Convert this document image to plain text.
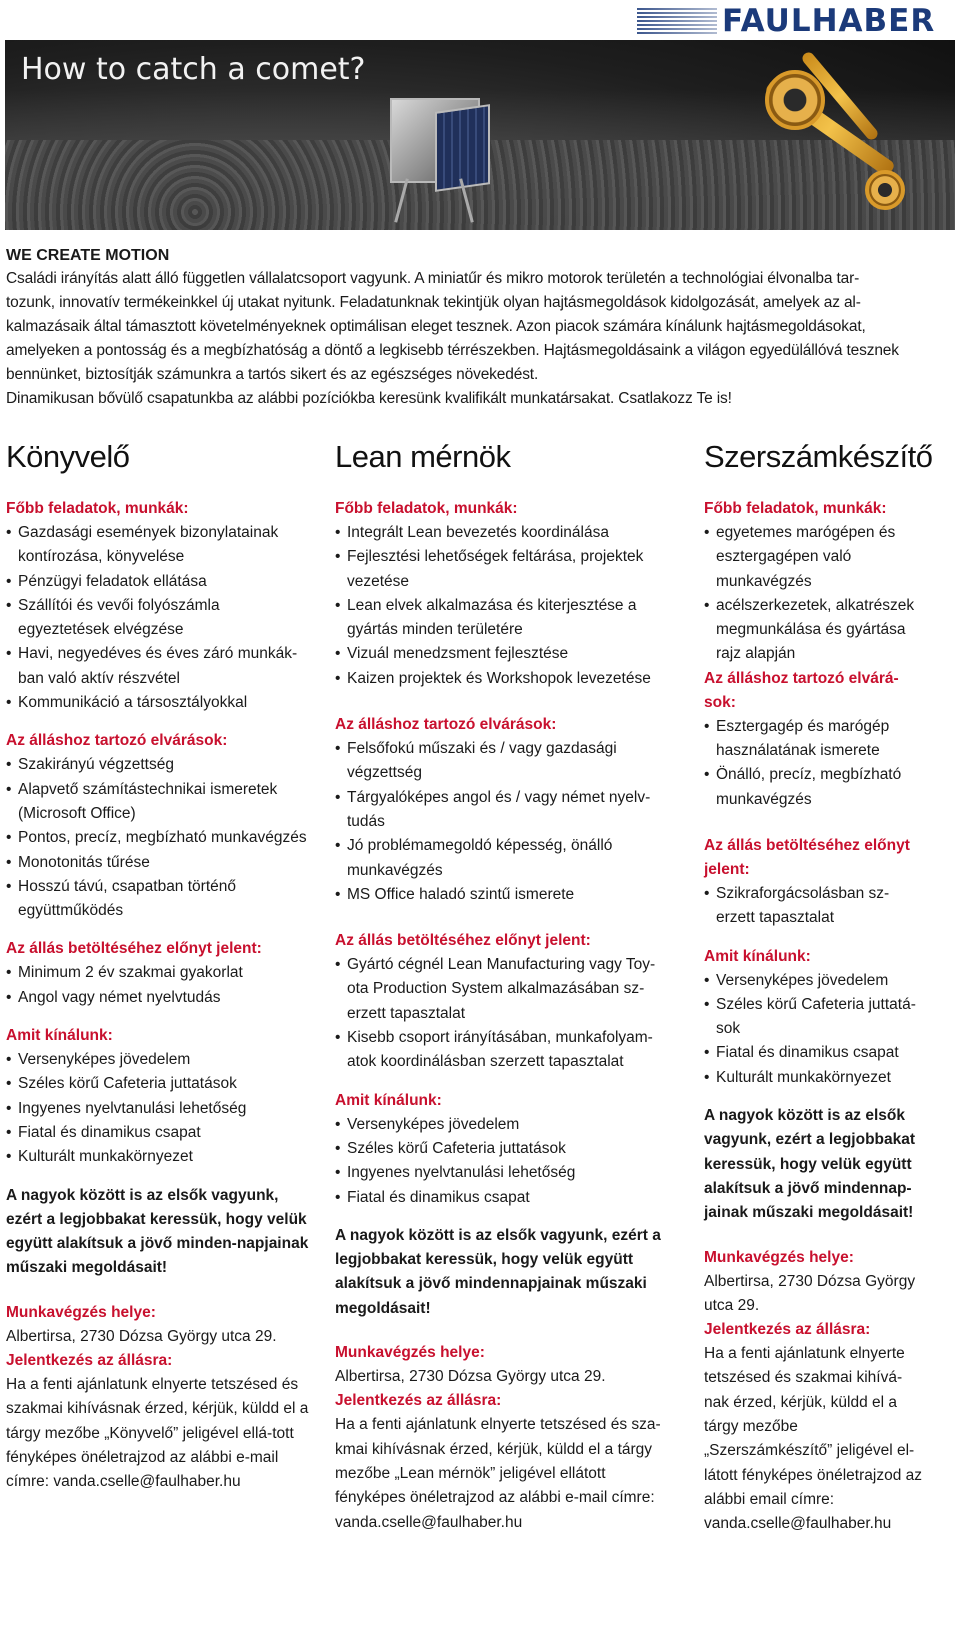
FAULHABER
How to catch a comet?
WE CREATE MOTION
Családi irányítás alatt álló független vállalatcsoport vagyunk. A miniatűr és mikro motorok területén a technológiai élvonalba tar-
tozunk, innovatív termékeinkkel új utakat nyitunk. Feladatunknak tekintjük olyan hajtásmegoldások kidolgozását, amelyek az al-
kalmazásaik által támasztott követelményeknek optimálisan eleget tesznek. Azon piacok számára kínálunk hajtásmegoldásokat,
amelyeken a pontosság és a megbízhatóság a döntő a legkisebb térrészekben. Hajtásmegoldásaink a világon egyedülállóvá tesznek
bennünket, biztosítják számunkra a tartós sikert és az egészséges növekedést.
Dinamikusan bővülő csapatunkba az alábbi pozíciókba keresünk kvalifikált munkatársakat. Csatlakozz Te is!
Könyvelő
Főbb feladatok, munkák:
• Gazdasági események bizonylatainak kontírozása, könyvelése
• Pénzügyi feladatok ellátása
• Szállítói és vevői folyószámla egyeztetések elvégzése
• Havi, negyedéves és éves záró munkák-ban való aktív részvétel
• Kommunikáció a társosztályokkal
Az álláshoz tartozó elvárások:
• Szakirányú végzettség
• Alapvető számítástechnikai ismeretek (Microsoft Office)
• Pontos, precíz, megbízható munkavégzés
• Monotonitás tűrése
• Hosszú távú, csapatban történő együttműködés
Az állás betöltéséhez előnyt jelent:
• Minimum 2 év szakmai gyakorlat
• Angol vagy német nyelvtudás
Amit kínálunk:
• Versenyképes jövedelem
• Széles körű Cafeteria juttatások
• Ingyenes nyelvtanulási lehetőség
• Fiatal és dinamikus csapat
• Kulturált munkakörnyezet
A nagyok között is az elsők vagyunk, ezért a legjobbakat keressük, hogy velük együtt alakítsuk a jövő minden-napjainak műszaki megoldásait!
Munkavégzés helye:
Albertirsa, 2730 Dózsa György utca 29.
Jelentkezés az állásra:
Ha a fenti ajánlatunk elnyerte tetszésed és szakmai kihívásnak érzed, kérjük, küldd el a tárgy mezőbe „Könyvelő” jeligével ellá-tott fényképes önéletrajzod az alábbi e-mail címre: vanda.cselle@faulhaber.hu
Lean mérnök
Főbb feladatok, munkák:
• Integrált Lean bevezetés koordinálása
• Fejlesztési lehetőségek feltárása, projektek vezetése
• Lean elvek alkalmazása és kiterjesztése a gyártás minden területére
• Vizuál menedzsment fejlesztése
• Kaizen projektek és Workshopok levezetése
Az álláshoz tartozó elvárások:
• Felsőfokú műszaki és / vagy gazdasági végzettség
• Tárgyalóképes angol és / vagy német nyelv-tudás
• Jó problémamegoldó képesség, önálló munkavégzés
• MS Office haladó szintű ismerete
Az állás betöltéséhez előnyt jelent:
• Gyártó cégnél Lean Manufacturing vagy Toy-ota Production System alkalmazásában sz-erzett tapasztalat
• Kisebb csoport irányításában, munkafolyam-atok koordinálásban szerzett tapasztalat
Amit kínálunk:
• Versenyképes jövedelem
• Széles körű Cafeteria juttatások
• Ingyenes nyelvtanulási lehetőség
• Fiatal és dinamikus csapat
A nagyok között is az elsők vagyunk, ezért a legjobbakat keressük, hogy velük együtt alakítsuk a jövő mindennapjainak műszaki megoldásait!
Munkavégzés helye:
Albertirsa, 2730 Dózsa György utca 29.
Jelentkezés az állásra:
Ha a fenti ajánlatunk elnyerte tetszésed és sza-kmai kihívásnak érzed, kérjük, küldd el a tárgy mezőbe „Lean mérnök” jeligével ellátott fényképes önéletrajzod az alábbi e-mail címre: vanda.cselle@faulhaber.hu
Szerszámkészítő
Főbb feladatok, munkák:
• egyetemes marógépen és esztergagépen való munkavégzés
• acélszerkezetek, alkatrészek megmunkálása és gyártása rajz alapján
Az álláshoz tartozó elvárá-sok:
• Esztergagép és marógép használatának ismerete
• Önálló, precíz, megbízható munkavégzés
Az állás betöltéséhez előnyt jelent:
• Szikraforgácsolásban sz-erzett tapasztalat
Amit kínálunk:
• Versenyképes jövedelem
• Széles körű Cafeteria juttatá-sok
• Fiatal és dinamikus csapat
• Kulturált munkakörnyezet
A nagyok között is az elsők vagyunk, ezért a legjobbakat keressük, hogy velük együtt alakítsuk a jövő mindennap-jainak műszaki megoldásait!
Munkavégzés helye:
Albertirsa, 2730 Dózsa György utca 29.
Jelentkezés az állásra:
Ha a fenti ajánlatunk elnyerte tetszésed és szakmai kihívá-nak érzed, kérjük, küldd el a tárgy mezőbe „Szerszámkészítő” jeligével el-látott fényképes önéletrajzod az alábbi email címre: vanda.cselle@faulhaber.hu
